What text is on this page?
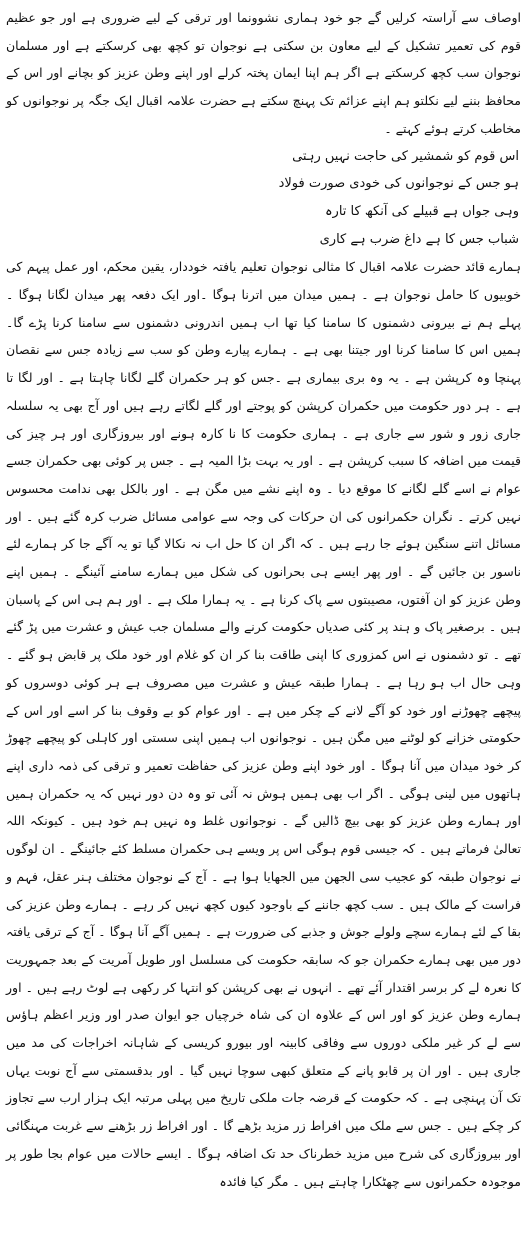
اوصاف سے آراستہ کرلیں گے جو خود ہماری نشوونما اور ترقی کے لیے ضروری ہے اور جو عظیم قوم کی تعمیر تشکیل کے لیے معاون بن سکتی ہے نوجوان تو کچھ بھی کرسکتے ہے اور مسلمان نوجوان سب کچھ کرسکتے ہے اگر ہم اپنا ایمان پختہ کرلے اور اپنے وطن عزیز کو بچانے اور اس کے محافظ بننے لیے نکلتو ہم اپنے عزائم تک پہنچ سکتے ہے حضرت علامہ اقبال ایک جگہ پر نوجوانوں کو مخاطب کرتے ہوئے کہتے ۔

اس قوم کو شمشیر کی حاجت نہیں رہتی
ہو جس کے نوجوانوں کی خودی صورت فولاد
وہی جواں ہے قبیلے کی آنکھ کا تارہ
شباب جس کا ہے داغ ضرب ہے کاری

ہمارے قائد حضرت علامہ اقبال کا مثالی نوجوان تعلیم یافتہ خوددار، یقین محکم، اور عمل پیہم کی خوبیوں کا حامل نوجوان ہے ۔ ہمیں میدان میں اترنا ہوگا ۔اور ایک دفعہ پھر میدان لگانا ہوگا ۔ پہلے ہم نے بیرونی دشمنوں کا سامنا کیا تھا اب ہمیں اندرونی دشمنوں سے سامنا کرنا پڑے گا۔ ہمیں اس کا سامنا کرنا اور جیتنا بھی ہے ۔ ہمارے پیارے وطن کو سب سے زیادہ جس سے نقصان پہنچا وہ کرپشن ہے ۔ یہ وہ بری بیماری ہے ۔جس کو ہر حکمران گلے لگانا چاہتا ہے ۔ اور لگا تا ہے ۔ ہر دور حکومت میں حکمران کرپشن کو پوجتے اور گلے لگاتے رہے ہیں اور آج بھی یہ سلسلہ جاری زور و شور سے جاری ہے ۔ ہماری حکومت کا نا کارہ ہونے اور بیروزگاری اور ہر چیز کی قیمت میں اضافہ کا سبب کرپشن ہے ۔ اور یہ بہت بڑا المیہ ہے ۔ جس پر کوئی بھی حکمران جسے عوام نے اسے گلے لگانے کا موقع دیا ۔ وہ اپنے نشے میں مگن ہے ۔ اور بالکل بھی ندامت محسوس نہیں کرتے ۔ نگران حکمرانوں کی ان حرکات کی وجہ سے عوامی مسائل ضرب کرہ گئے ہیں ۔ اور مسائل اتنے سنگین ہوئے جا رہے ہیں ۔ کہ اگر ان کا حل اب نہ نکالا گیا تو یہ آگے جا کر ہمارے لئے ناسور بن جائیں گے ۔ اور پھر ایسے ہی بحرانوں کی شکل میں ہمارے سامنے آئینگے ۔ ہمیں اپنے وطن عزیز کو ان آفتوں، مصیبتوں سے پاک کرنا ہے ۔ یہ ہمارا ملک ہے ۔ اور ہم ہی اس کے پاسبان ہیں ۔ برصغیر پاک و ہند پر کئی صدیاں حکومت کرنے والے مسلمان جب عیش و عشرت میں پڑ گئے تھے ۔ تو دشمنوں نے اس کمزوری کا اپنی طاقت بنا کر ان کو غلام اور خود ملک پر قابض ہو گئے ۔ وہی حال اب ہو رہا ہے ۔ ہمارا طبقہ عیش و عشرت میں مصروف ہے ہر کوئی دوسروں کو پیچھے چھوڑنے اور خود کو آگے لانے کے چکر میں ہے ۔ اور عوام کو بے وقوف بنا کر اسے اور اس کے حکومتی خزانے کو لوٹنے میں مگن ہیں ۔ نوجوانوں اب ہمیں اپنی سستی اور کاہلی کو پیچھے چھوڑ کر خود میدان میں آنا ہوگا ۔ اور خود اپنے وطن عزیز کی حفاظت تعمیر و ترقی کی ذمہ داری اپنے ہاتھوں میں لینی ہوگی ۔ اگر اب بھی ہمیں ہوش نہ آئی تو وہ دن دور نہیں کہ یہ حکمران ہمیں اور ہمارے وطن عزیز کو بھی بیچ ڈالیں گے ۔ نوجوانوں غلط وہ نہیں ہم خود ہیں ۔ کیونکہ اللہ تعالیٰ فرماتے ہیں ۔ کہ جیسی قوم ہوگی اس پر ویسے ہی حکمران مسلط کئے جائینگے ۔ ان لوگوں نے نوجوان طبقہ کو عجیب سی الجھن میں الجھایا ہوا ہے ۔ آج کے نوجوان مختلف ہنر عقل، فہم و فراست کے مالک ہیں ۔ سب کچھ جاننے کے باوجود کیوں کچھ نہیں کر رہے ۔ ہمارے وطن عزیز کی بقا کے لئے ہمارے سچے ولولے جوش و جذبے کی ضرورت ہے ۔ ہمیں آگے آنا ہوگا ۔ آج کے ترقی یافتہ دور میں بھی ہمارے حکمران جو کہ سابقہ حکومت کی مسلسل اور طویل آمریت کے بعد جمہوریت کا نعرہ لے کر برسر اقتدار آئے تھے ۔ انہوں نے بھی کرپشن کو انتہا کر رکھی ہے لوٹ رہے ہیں ۔ اور ہمارے وطن عزیز کو اور اس کے علاوہ ان کی شاہ خرچیاں جو ایوان صدر اور وزیر اعظم ہاؤس سے لے کر غیر ملکی دوروں سے وفاقی کابینہ اور بیورو کریسی کے شاہانہ اخراجات کی مد میں جاری ہیں ۔ اور ان پر قابو پانے کے متعلق کبھی سوچا نہیں گیا ۔ اور بدقسمتی سے آج نوبت یہاں تک آن پہنچی ہے ۔ کہ حکومت کے قرضہ جات ملکی تاریخ میں پہلی مرتبہ ایک ہزار ارب سے تجاوز کر چکے ہیں ۔ جس سے ملک میں افراط زر مزید بڑھے گا ۔ اور افراط زر بڑھنے سے غربت مہنگائی اور بیروزگاری کی شرح میں مزید خطرناک حد تک اضافہ ہوگا ۔ ایسے حالات میں عوام بجا طور پر موجودہ حکمرانوں سے چھٹکارا چاہتے ہیں ۔ مگر کیا فائدہ
